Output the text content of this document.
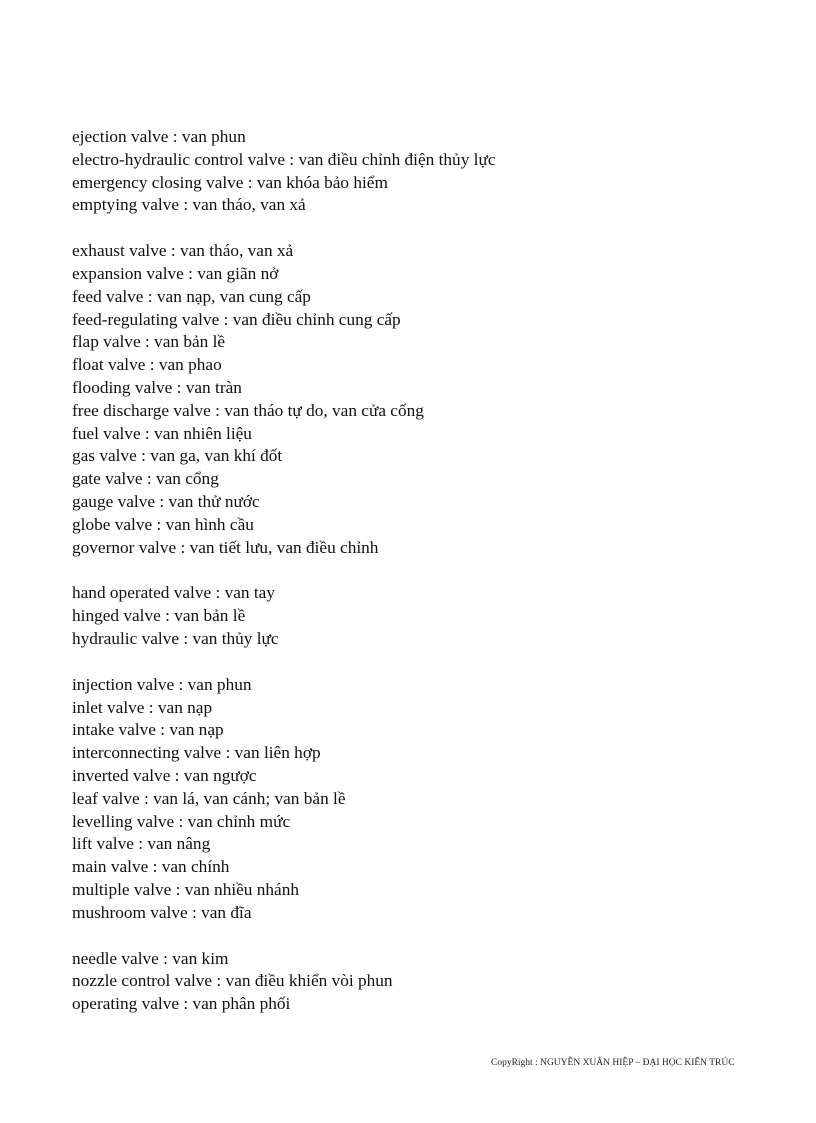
ejection valve : van phun
electro-hydraulic control valve : van điều chỉnh điện thủy lực
emergency closing valve : van khóa bảo hiểm
emptying valve : van tháo, van xả
exhaust valve : van tháo, van xả
expansion valve : van giãn nở
feed valve : van nạp, van cung cấp
feed-regulating valve : van điều chỉnh cung cấp
flap valve : van bản lề
float valve : van phao
flooding valve : van tràn
free discharge valve : van tháo tự do, van cửa cống
fuel valve : van nhiên liệu
gas valve : van ga, van khí đốt
gate valve : van cổng
gauge valve : van thử nước
globe valve : van hình cầu
governor valve : van tiết lưu, van điều chỉnh
hand operated valve : van tay
hinged valve : van bản lề
hydraulic valve : van thủy lực
injection valve : van phun
inlet valve : van nạp
intake valve : van nạp
interconnecting valve : van liên hợp
inverted valve : van ngược
leaf valve : van lá, van cánh; van bản lề
levelling valve : van chỉnh mức
lift valve : van nâng
main valve : van chính
multiple valve : van nhiều nhánh
mushroom valve : van đĩa
needle valve : van kim
nozzle control valve : van điều khiển vòi phun
operating valve : van phân phối
CopyRight : NGUYỄN XUÂN HIỆP – ĐẠI HỌC KIẾN TRÚC
